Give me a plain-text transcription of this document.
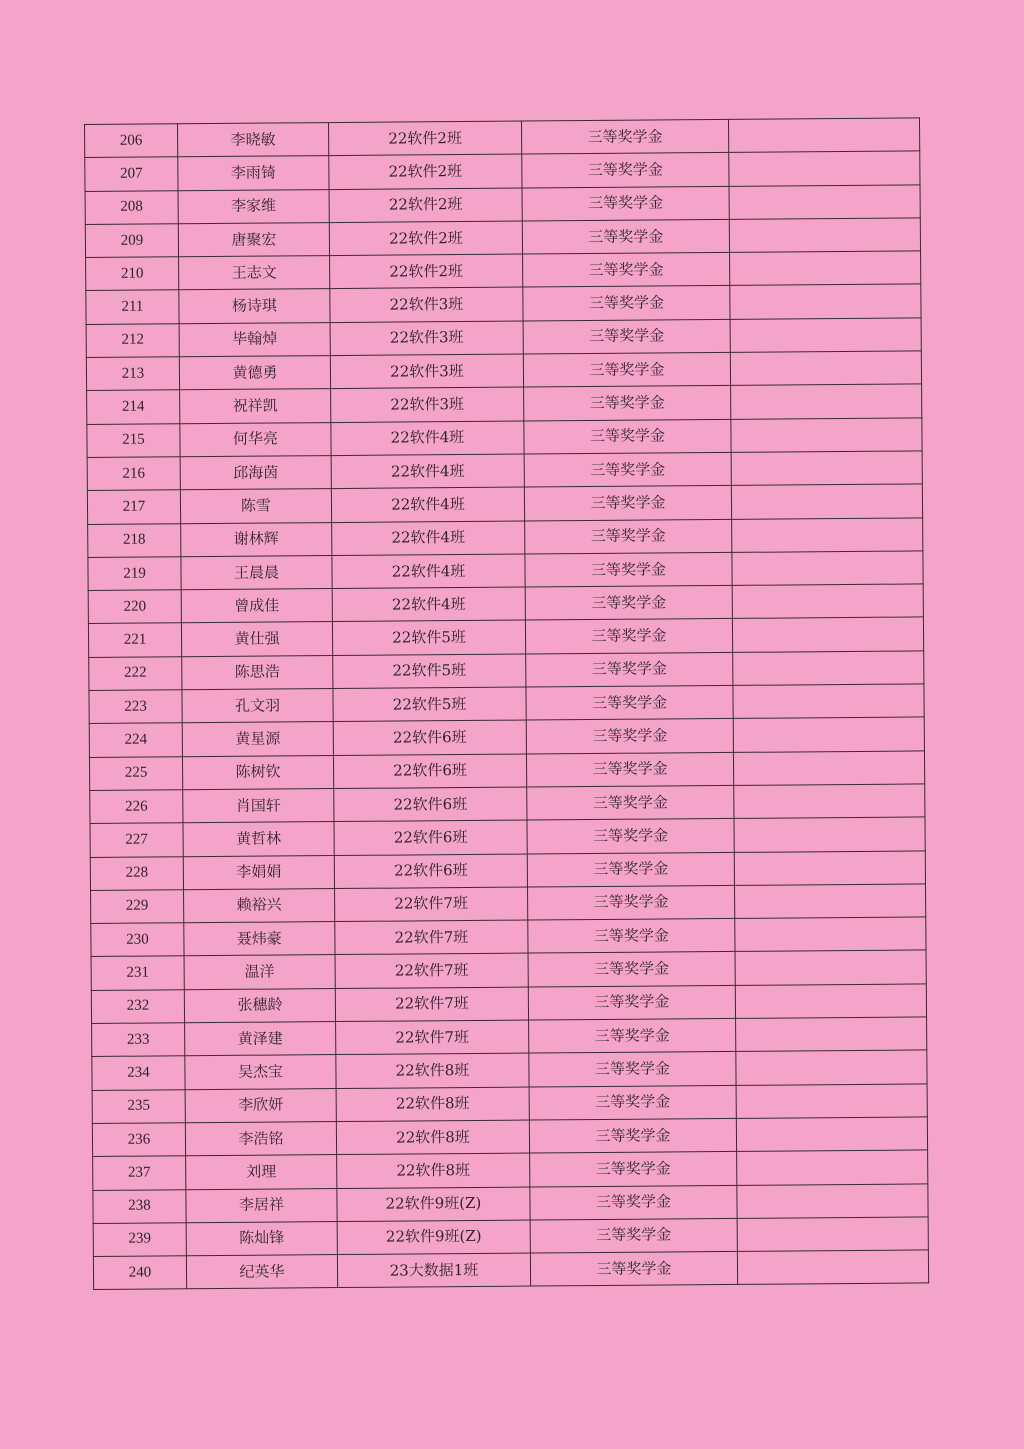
206	李晓敏	22软件2班	三等奖学金	
207	李雨锜	22软件2班	三等奖学金	
208	李家维	22软件2班	三等奖学金	
209	唐聚宏	22软件2班	三等奖学金	
210	王志文	22软件2班	三等奖学金	
211	杨诗琪	22软件3班	三等奖学金	
212	毕翰焯	22软件3班	三等奖学金	
213	黄德勇	22软件3班	三等奖学金	
214	祝祥凯	22软件3班	三等奖学金	
215	何华亮	22软件4班	三等奖学金	
216	邱海茵	22软件4班	三等奖学金	
217	陈雪	22软件4班	三等奖学金	
218	谢林辉	22软件4班	三等奖学金	
219	王晨晨	22软件4班	三等奖学金	
220	曾成佳	22软件4班	三等奖学金	
221	黄仕强	22软件5班	三等奖学金	
222	陈思浩	22软件5班	三等奖学金	
223	孔文羽	22软件5班	三等奖学金	
224	黄星源	22软件6班	三等奖学金	
225	陈树钦	22软件6班	三等奖学金	
226	肖国轩	22软件6班	三等奖学金	
227	黄哲林	22软件6班	三等奖学金	
228	李娟娟	22软件6班	三等奖学金	
229	赖裕兴	22软件7班	三等奖学金	
230	聂炜豪	22软件7班	三等奖学金	
231	温洋	22软件7班	三等奖学金	
232	张穗龄	22软件7班	三等奖学金	
233	黄泽建	22软件7班	三等奖学金	
234	吴杰宝	22软件8班	三等奖学金	
235	李欣妍	22软件8班	三等奖学金	
236	李浩铭	22软件8班	三等奖学金	
237	刘理	22软件8班	三等奖学金	
238	李居祥	22软件9班(Z)	三等奖学金	
239	陈灿锋	22软件9班(Z)	三等奖学金	
240	纪英华	23大数据1班	三等奖学金	
